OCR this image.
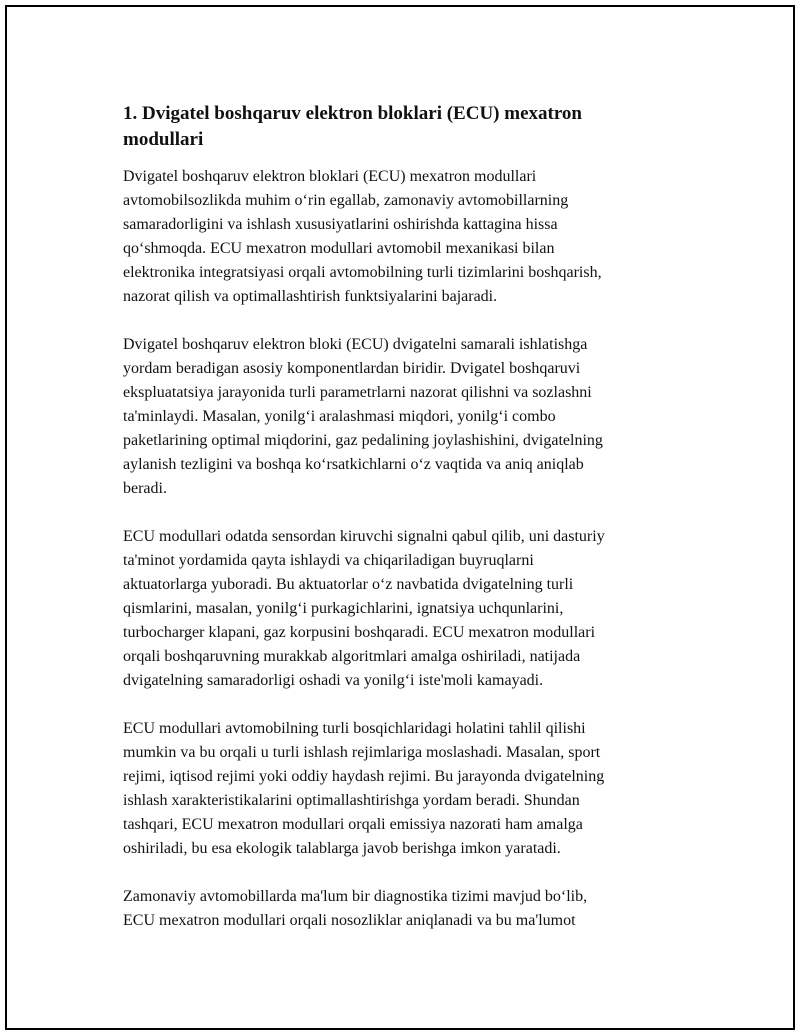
1. Dvigatel boshqaruv elektron bloklari (ECU) mexatron
modullari

Dvigatel boshqaruv elektron bloklari (ECU) mexatron modullari
avtomobilsozlikda muhim o‘rin egallab, zamonaviy avtomobillarning
samaradorligini va ishlash xususiyatlarini oshirishda kattagina hissa
qo‘shmoqda. ECU mexatron modullari avtomobil mexanikasi bilan
elektronika integratsiyasi orqali avtomobilning turli tizimlarini boshqarish,
nazorat qilish va optimallashtirish funktsiyalarini bajaradi.

Dvigatel boshqaruv elektron bloki (ECU) dvigatelni samarali ishlatishga
yordam beradigan asosiy komponentlardan biridir. Dvigatel boshqaruvi
ekspluatatsiya jarayonida turli parametrlarni nazorat qilishni va sozlashni
ta'minlaydi. Masalan, yonilg‘i aralashmasi miqdori, yonilg‘i combo
paketlarining optimal miqdorini, gaz pedalining joylashishini, dvigatelning
aylanish tezligini va boshqa ko‘rsatkichlarni o‘z vaqtida va aniq aniqlab
beradi.

ECU modullari odatda sensordan kiruvchi signalni qabul qilib, uni dasturiy
ta'minot yordamida qayta ishlaydi va chiqariladigan buyruqlarni
aktuatorlarga yuboradi. Bu aktuatorlar o‘z navbatida dvigatelning turli
qismlarini, masalan, yonilg‘i purkagichlarini, ignatsiya uchqunlarini,
turbocharger klapani, gaz korpusini boshqaradi. ECU mexatron modullari
orqali boshqaruvning murakkab algoritmlari amalga oshiriladi, natijada
dvigatelning samaradorligi oshadi va yonilg‘i iste'moli kamayadi.

ECU modullari avtomobilning turli bosqichlaridagi holatini tahlil qilishi
mumkin va bu orqali u turli ishlash rejimlariga moslashadi. Masalan, sport
rejimi, iqtisod rejimi yoki oddiy haydash rejimi. Bu jarayonda dvigatelning
ishlash xarakteristikalarini optimallashtirishga yordam beradi. Shundan
tashqari, ECU mexatron modullari orqali emissiya nazorati ham amalga
oshiriladi, bu esa ekologik talablarga javob berishga imkon yaratadi.

Zamonaviy avtomobillarda ma'lum bir diagnostika tizimi mavjud bo‘lib,
ECU mexatron modullari orqali nosozliklar aniqlanadi va bu ma'lumot
